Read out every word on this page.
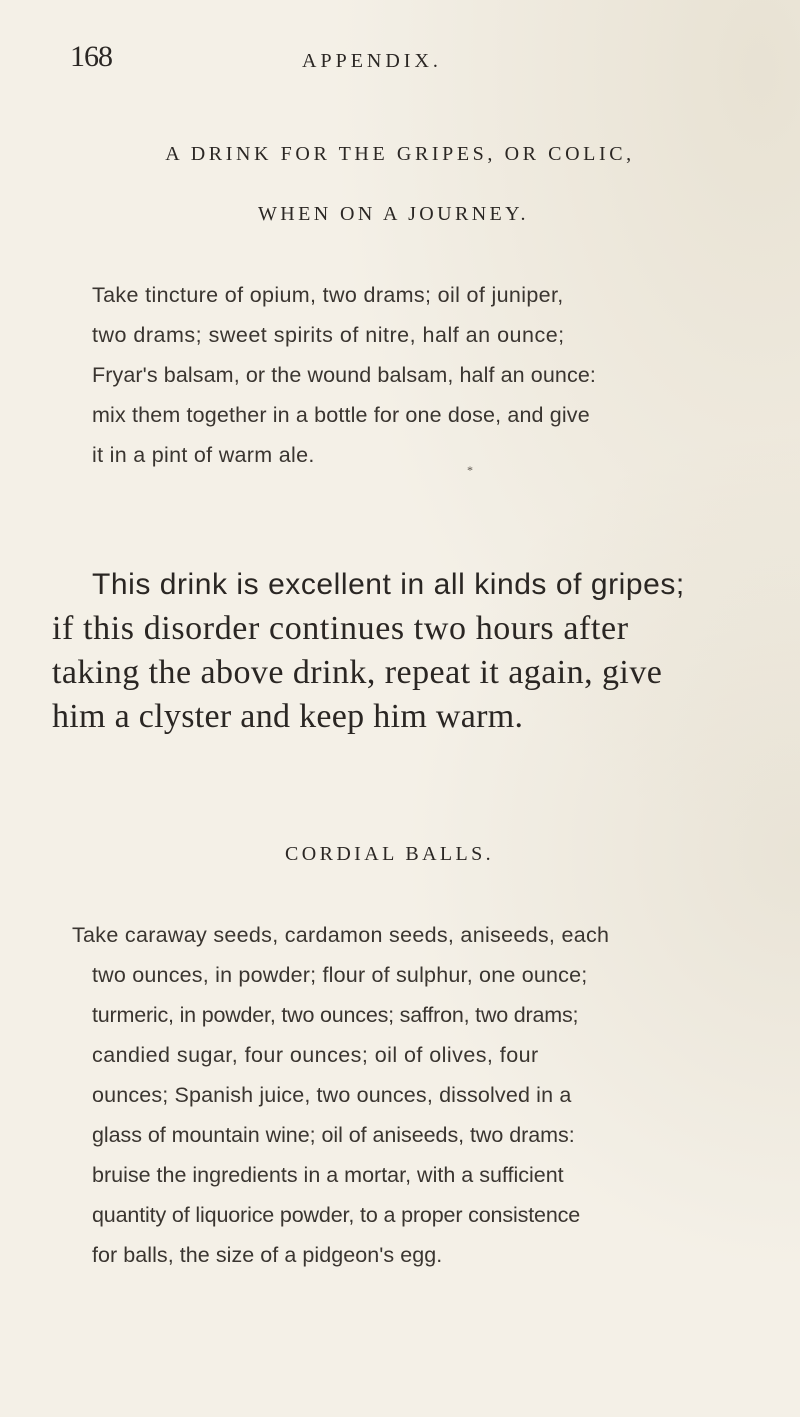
168	APPENDIX.
A DRINK FOR THE GRIPES, OR COLIC,
WHEN ON A JOURNEY.
Take tincture of opium, two drams; oil of juniper,
two drams; sweet spirits of nitre, half an ounce;
Fryar's balsam, or the wound balsam, half an ounce:
mix them together in a bottle for one dose, and give
it in a pint of warm ale.
*
This drink is excellent in all kinds of gripes;
if this disorder continues two hours after
taking the above drink, repeat it again, give
him a clyster and keep him warm.
CORDIAL BALLS.
Take caraway seeds, cardamon seeds, aniseeds, each
two ounces, in powder; flour of sulphur, one ounce;
turmeric, in powder, two ounces; saffron, two drams;
candied sugar, four ounces; oil of olives, four
ounces; Spanish juice, two ounces, dissolved in a
glass of mountain wine; oil of aniseeds, two drams:
bruise the ingredients in a mortar, with a sufficient
quantity of liquorice powder, to a proper consistence
for balls, the size of a pidgeon's egg.
